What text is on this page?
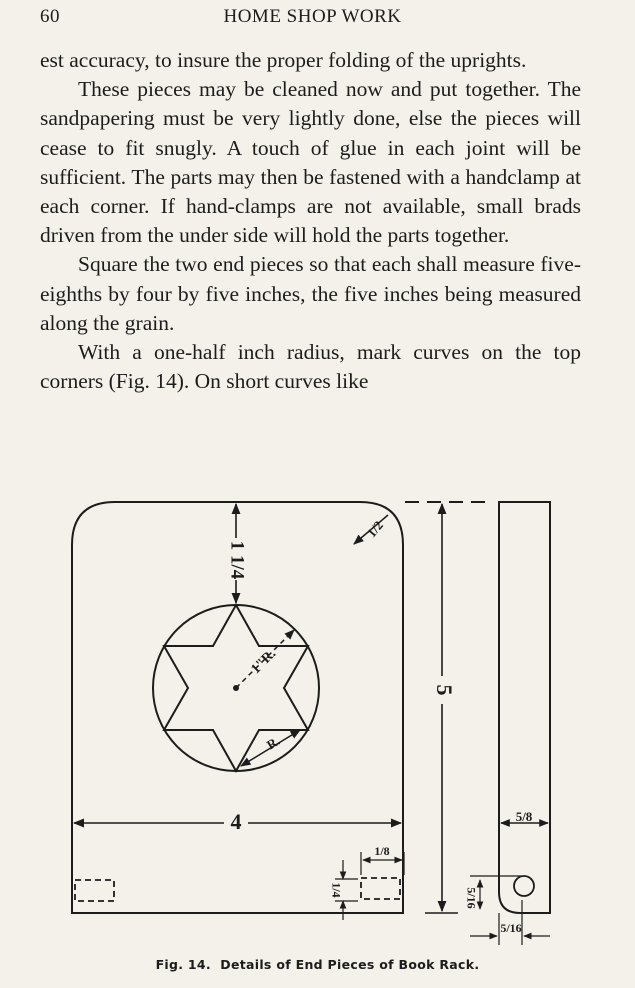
60	HOME SHOP WORK

est accuracy, to insure the proper folding of the uprights.

These pieces may be cleaned now and put together. The sandpapering must be very lightly done, else the pieces will cease to fit snugly. A touch of glue in each joint will be sufficient. The parts may then be fastened with a handclamp at each corner. If hand-clamps are not available, small brads driven from the under side will hold the parts together.

Square the two end pieces so that each shall measure five-eighths by four by five inches, the five inches being measured along the grain.

With a one-half inch radius, mark curves on the top corners (Fig. 14). On short curves like

1 1/4
1/2
1"R.
R.
4
1/8
1/4
5
5/8
5/16
5/16
Fig. 14. Details of End Pieces of Book Rack.
